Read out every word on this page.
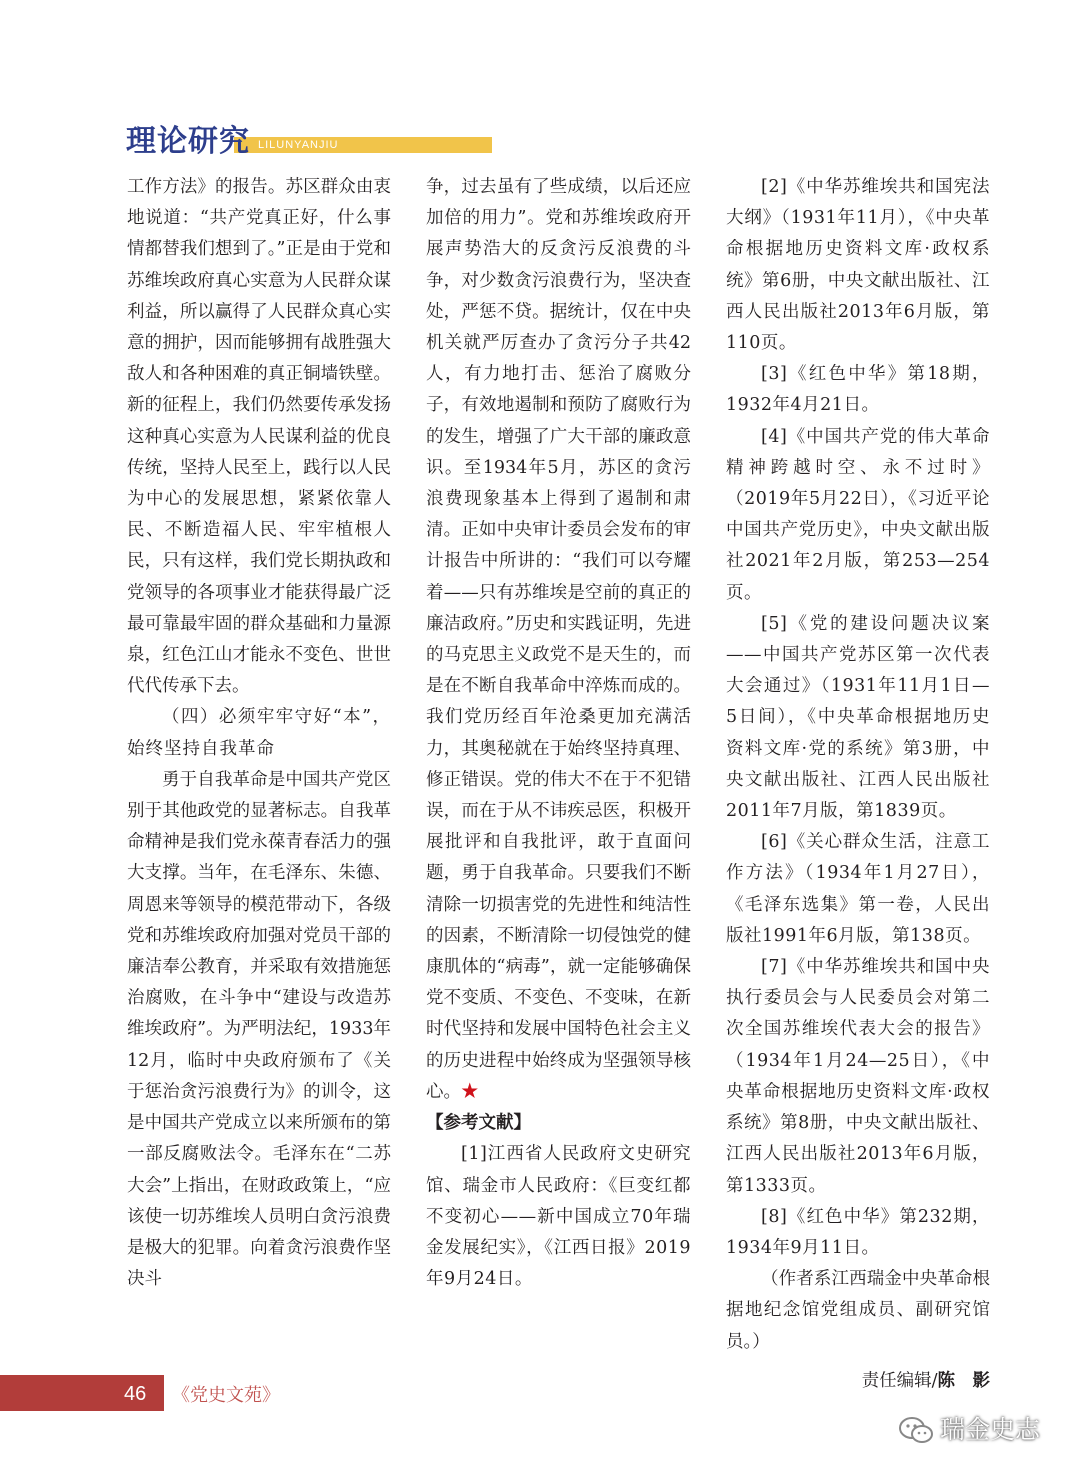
LILUNYANJIU
理论研究

工作方法》的报告。苏区群众由衷地说道：“共产党真正好，什么事情都替我们想到了。”正是由于党和苏维埃政府真心实意为人民群众谋利益，所以赢得了人民群众真心实意的拥护，因而能够拥有战胜强大敌人和各种困难的真正铜墙铁壁。新的征程上，我们仍然要传承发扬这种真心实意为人民谋利益的优良传统，坚持人民至上，践行以人民为中心的发展思想，紧紧依靠人民、不断造福人民、牢牢植根人民，只有这样，我们党长期执政和党领导的各项事业才能获得最广泛最可靠最牢固的群众基础和力量源泉，红色江山才能永不变色、世世代代传承下去。

（四）必须牢牢守好“本”，始终坚持自我革命

勇于自我革命是中国共产党区别于其他政党的显著标志。自我革命精神是我们党永葆青春活力的强大支撑。当年，在毛泽东、朱德、周恩来等领导的模范带动下，各级党和苏维埃政府加强对党员干部的廉洁奉公教育，并采取有效措施惩治腐败，在斗争中“建设与改造苏维埃政府”。为严明法纪，1933年12月，临时中央政府颁布了《关于惩治贪污浪费行为》的训令，这是中国共产党成立以来所颁布的第一部反腐败法令。毛泽东在“二苏大会”上指出，在财政政策上，“应该使一切苏维埃人员明白贪污浪费是极大的犯罪。向着贪污浪费作坚决斗

争，过去虽有了些成绩，以后还应加倍的用力”。党和苏维埃政府开展声势浩大的反贪污反浪费的斗争，对少数贪污浪费行为，坚决查处，严惩不贷。据统计，仅在中央机关就严厉查办了贪污分子共42人，有力地打击、惩治了腐败分子，有效地遏制和预防了腐败行为的发生，增强了广大干部的廉政意识。至1934年5月，苏区的贪污浪费现象基本上得到了遏制和肃清。正如中央审计委员会发布的审计报告中所讲的：“我们可以夸耀着——只有苏维埃是空前的真正的廉洁政府。”历史和实践证明，先进的马克思主义政党不是天生的，而是在不断自我革命中淬炼而成的。我们党历经百年沧桑更加充满活力，其奥秘就在于始终坚持真理、修正错误。党的伟大不在于不犯错误，而在于从不讳疾忌医，积极开展批评和自我批评，敢于直面问题，勇于自我革命。只要我们不断清除一切损害党的先进性和纯洁性的因素，不断清除一切侵蚀党的健康肌体的“病毒”，就一定能够确保党不变质、不变色、不变味，在新时代坚持和发展中国特色社会主义的历史进程中始终成为坚强领导核心。★

【参考文献】

[1]江西省人民政府文史研究馆、瑞金市人民政府：《巨变红都　不变初心——新中国成立70年瑞金发展纪实》，《江西日报》2019年9月24日。

[2]《中华苏维埃共和国宪法大纲》（1931年11月），《中央革命根据地历史资料文库·政权系统》第6册，中央文献出版社、江西人民出版社2013年6月版，第110页。

[3]《红色中华》第18期，1932年4月21日。

[4]《中国共产党的伟大革命精神跨越时空、永不过时》（2019年5月22日），《习近平论中国共产党历史》，中央文献出版社2021年2月版，第253—254页。

[5]《党的建设问题决议案——中国共产党苏区第一次代表大会通过》（1931年11月1日—5日间），《中央革命根据地历史资料文库·党的系统》第3册，中央文献出版社、江西人民出版社2011年7月版，第1839页。

[6]《关心群众生活，注意工作方法》（1934年1月27日），《毛泽东选集》第一卷，人民出版社1991年6月版，第138页。

[7]《中华苏维埃共和国中央执行委员会与人民委员会对第二次全国苏维埃代表大会的报告》（1934年1月24—25日），《中央革命根据地历史资料文库·政权系统》第8册，中央文献出版社、江西人民出版社2013年6月版，第1333页。

[8]《红色中华》第232期，1934年9月11日。

（作者系江西瑞金中央革命根据地纪念馆党组成员、副研究馆员。）

责任编辑/陈　影

46 《党史文苑》
瑞金史志
